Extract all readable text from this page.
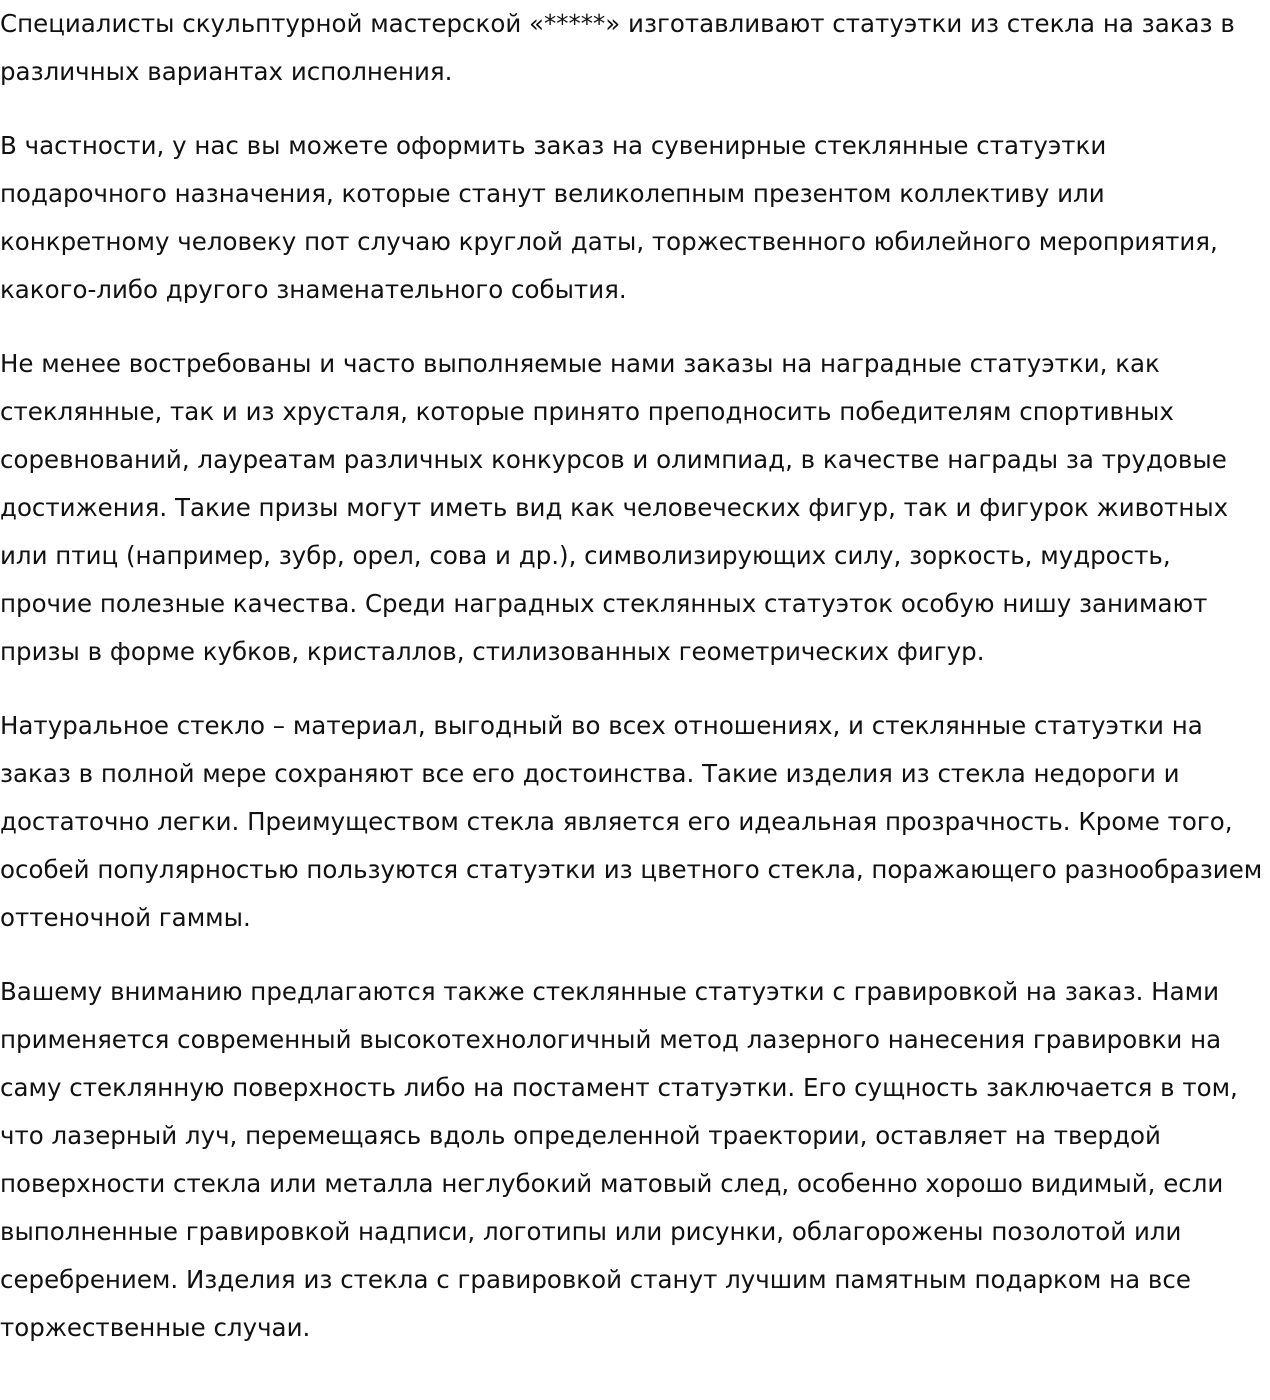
Специалисты скульптурной мастерской «*****» изготавливают статуэтки из стекла на заказ в различных вариантах исполнения.

В частности, у нас вы можете оформить заказ на сувенирные стеклянные статуэтки подарочного назначения, которые станут великолепным презентом коллективу или конкретному человеку пот случаю круглой даты, торжественного юбилейного мероприятия, какого-либо другого знаменательного события.

Не менее востребованы и часто выполняемые нами заказы на наградные статуэтки, как стеклянные, так и из хрусталя, которые принято преподносить победителям спортивных соревнований, лауреатам различных конкурсов и олимпиад, в качестве награды за трудовые достижения. Такие призы могут иметь вид как человеческих фигур, так и фигурок животных или птиц (например, зубр, орел, сова и др.), символизирующих силу, зоркость, мудрость, прочие полезные качества. Среди наградных стеклянных статуэток особую нишу занимают призы в форме кубков, кристаллов, стилизованных геометрических фигур.

Натуральное стекло – материал, выгодный во всех отношениях, и стеклянные статуэтки на заказ в полной мере сохраняют все его достоинства. Такие изделия из стекла недороги и достаточно легки. Преимуществом стекла является его идеальная прозрачность. Кроме того, особей популярностью пользуются статуэтки из цветного стекла, поражающего разнообразием оттеночной гаммы.

Вашему вниманию предлагаются также стеклянные статуэтки с гравировкой на заказ. Нами применяется современный высокотехнологичный метод лазерного нанесения гравировки на саму стеклянную поверхность либо на постамент статуэтки. Его сущность заключается в том, что лазерный луч, перемещаясь вдоль определенной траектории, оставляет на твердой поверхности стекла или металла неглубокий матовый след, особенно хорошо видимый, если выполненные гравировкой надписи, логотипы или рисунки, облагорожены позолотой или серебрением. Изделия из стекла с гравировкой станут лучшим памятным подарком на все торжественные случаи.
